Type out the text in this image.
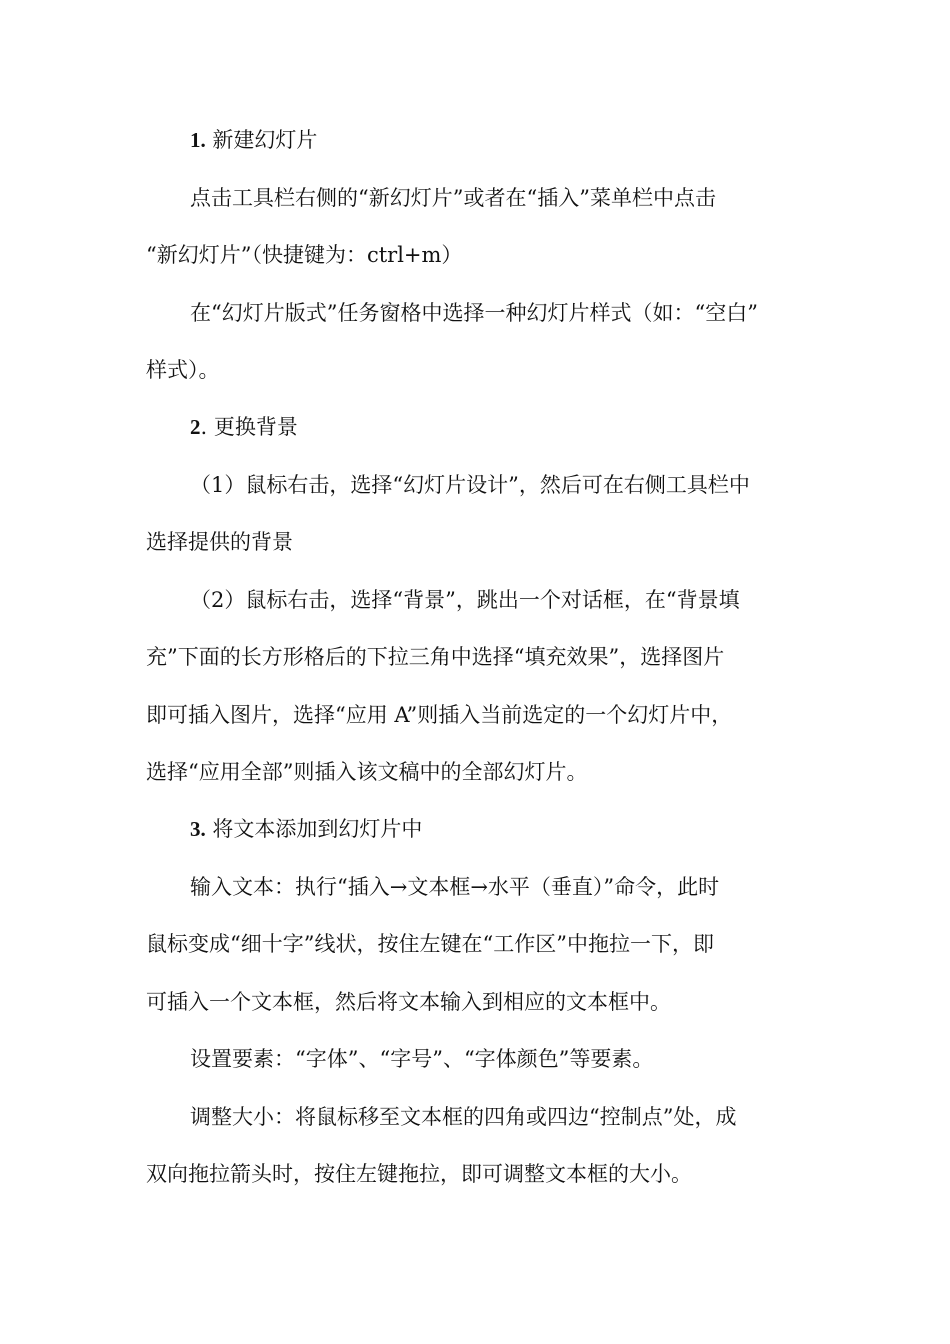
1. 新建幻灯片
点击工具栏右侧的“新幻灯片”或者在“插入”菜单栏中点击
“新幻灯片”（快捷键为：ctrl+m）
在“幻灯片版式”任务窗格中选择一种幻灯片样式（如：“空白”
样式）。
2. 更换背景
（1）鼠标右击，选择“幻灯片设计”，然后可在右侧工具栏中
选择提供的背景
（2）鼠标右击，选择“背景”，跳出一个对话框，在“背景填
充”下面的长方形格后的下拉三角中选择“填充效果”，选择图片
即可插入图片，选择“应用 A”则插入当前选定的一个幻灯片中，
选择“应用全部”则插入该文稿中的全部幻灯片。
3. 将文本添加到幻灯片中
输入文本：执行“插入→文本框→水平（垂直）”命令，此时
鼠标变成“细十字”线状，按住左键在“工作区”中拖拉一下，即
可插入一个文本框，然后将文本输入到相应的文本框中。
设置要素：“字体”、“字号”、“字体颜色”等要素。
调整大小：将鼠标移至文本框的四角或四边“控制点”处，成
双向拖拉箭头时，按住左键拖拉，即可调整文本框的大小。
